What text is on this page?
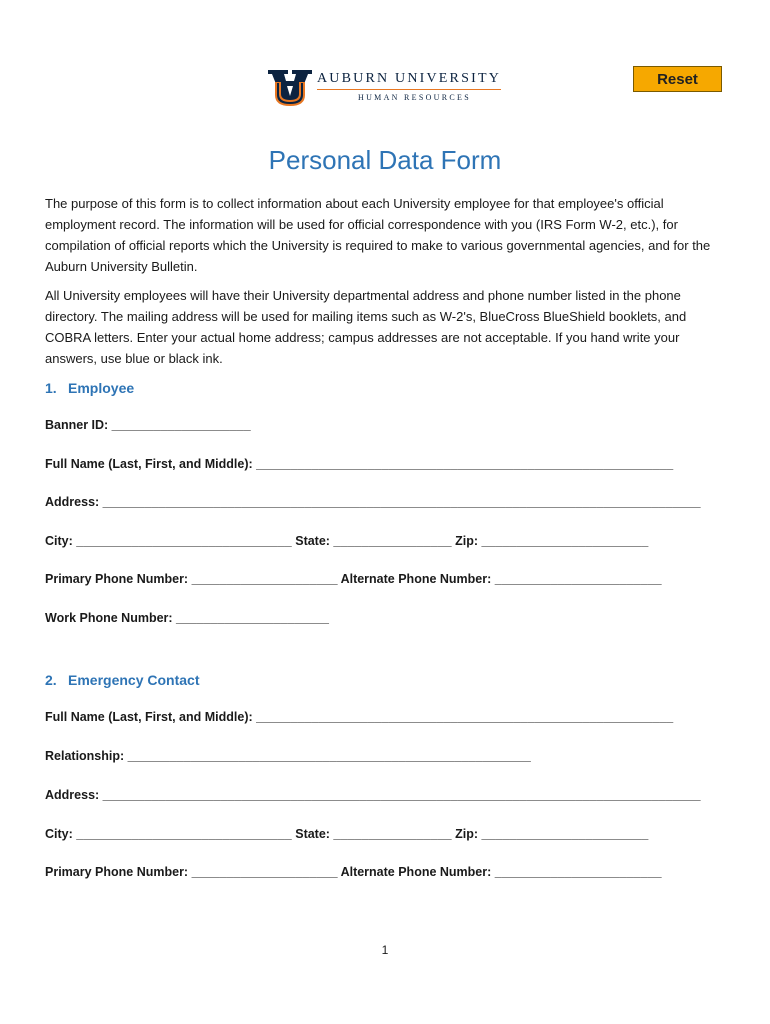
AUBURN UNIVERSITY
HUMAN RESOURCES
Reset
Personal Data Form
The purpose of this form is to collect information about each University employee for that employee's official employment record. The information will be used for official correspondence with you (IRS Form W-2, etc.), for compilation of official reports which the University is required to make to various governmental agencies, and for the Auburn University Bulletin.
All University employees will have their University departmental address and phone number listed in the phone directory. The mailing address will be used for mailing items such as W-2's, BlueCross BlueShield booklets, and COBRA letters. Enter your actual home address; campus addresses are not acceptable. If you hand write your answers, use blue or black ink.
1. Employee
Banner ID: ____________________
Full Name (Last, First, and Middle): ____________________________________________________________
Address: ______________________________________________________________________________________
City: _______________________________ State: _________________ Zip: ________________________
Primary Phone Number: _____________________ Alternate Phone Number: ________________________
Work Phone Number: ______________________
2. Emergency Contact
Full Name (Last, First, and Middle): ____________________________________________________________
Relationship: __________________________________________________________
Address: ______________________________________________________________________________________
City: _______________________________ State: _________________ Zip: ________________________
Primary Phone Number: _____________________ Alternate Phone Number: ________________________
1
